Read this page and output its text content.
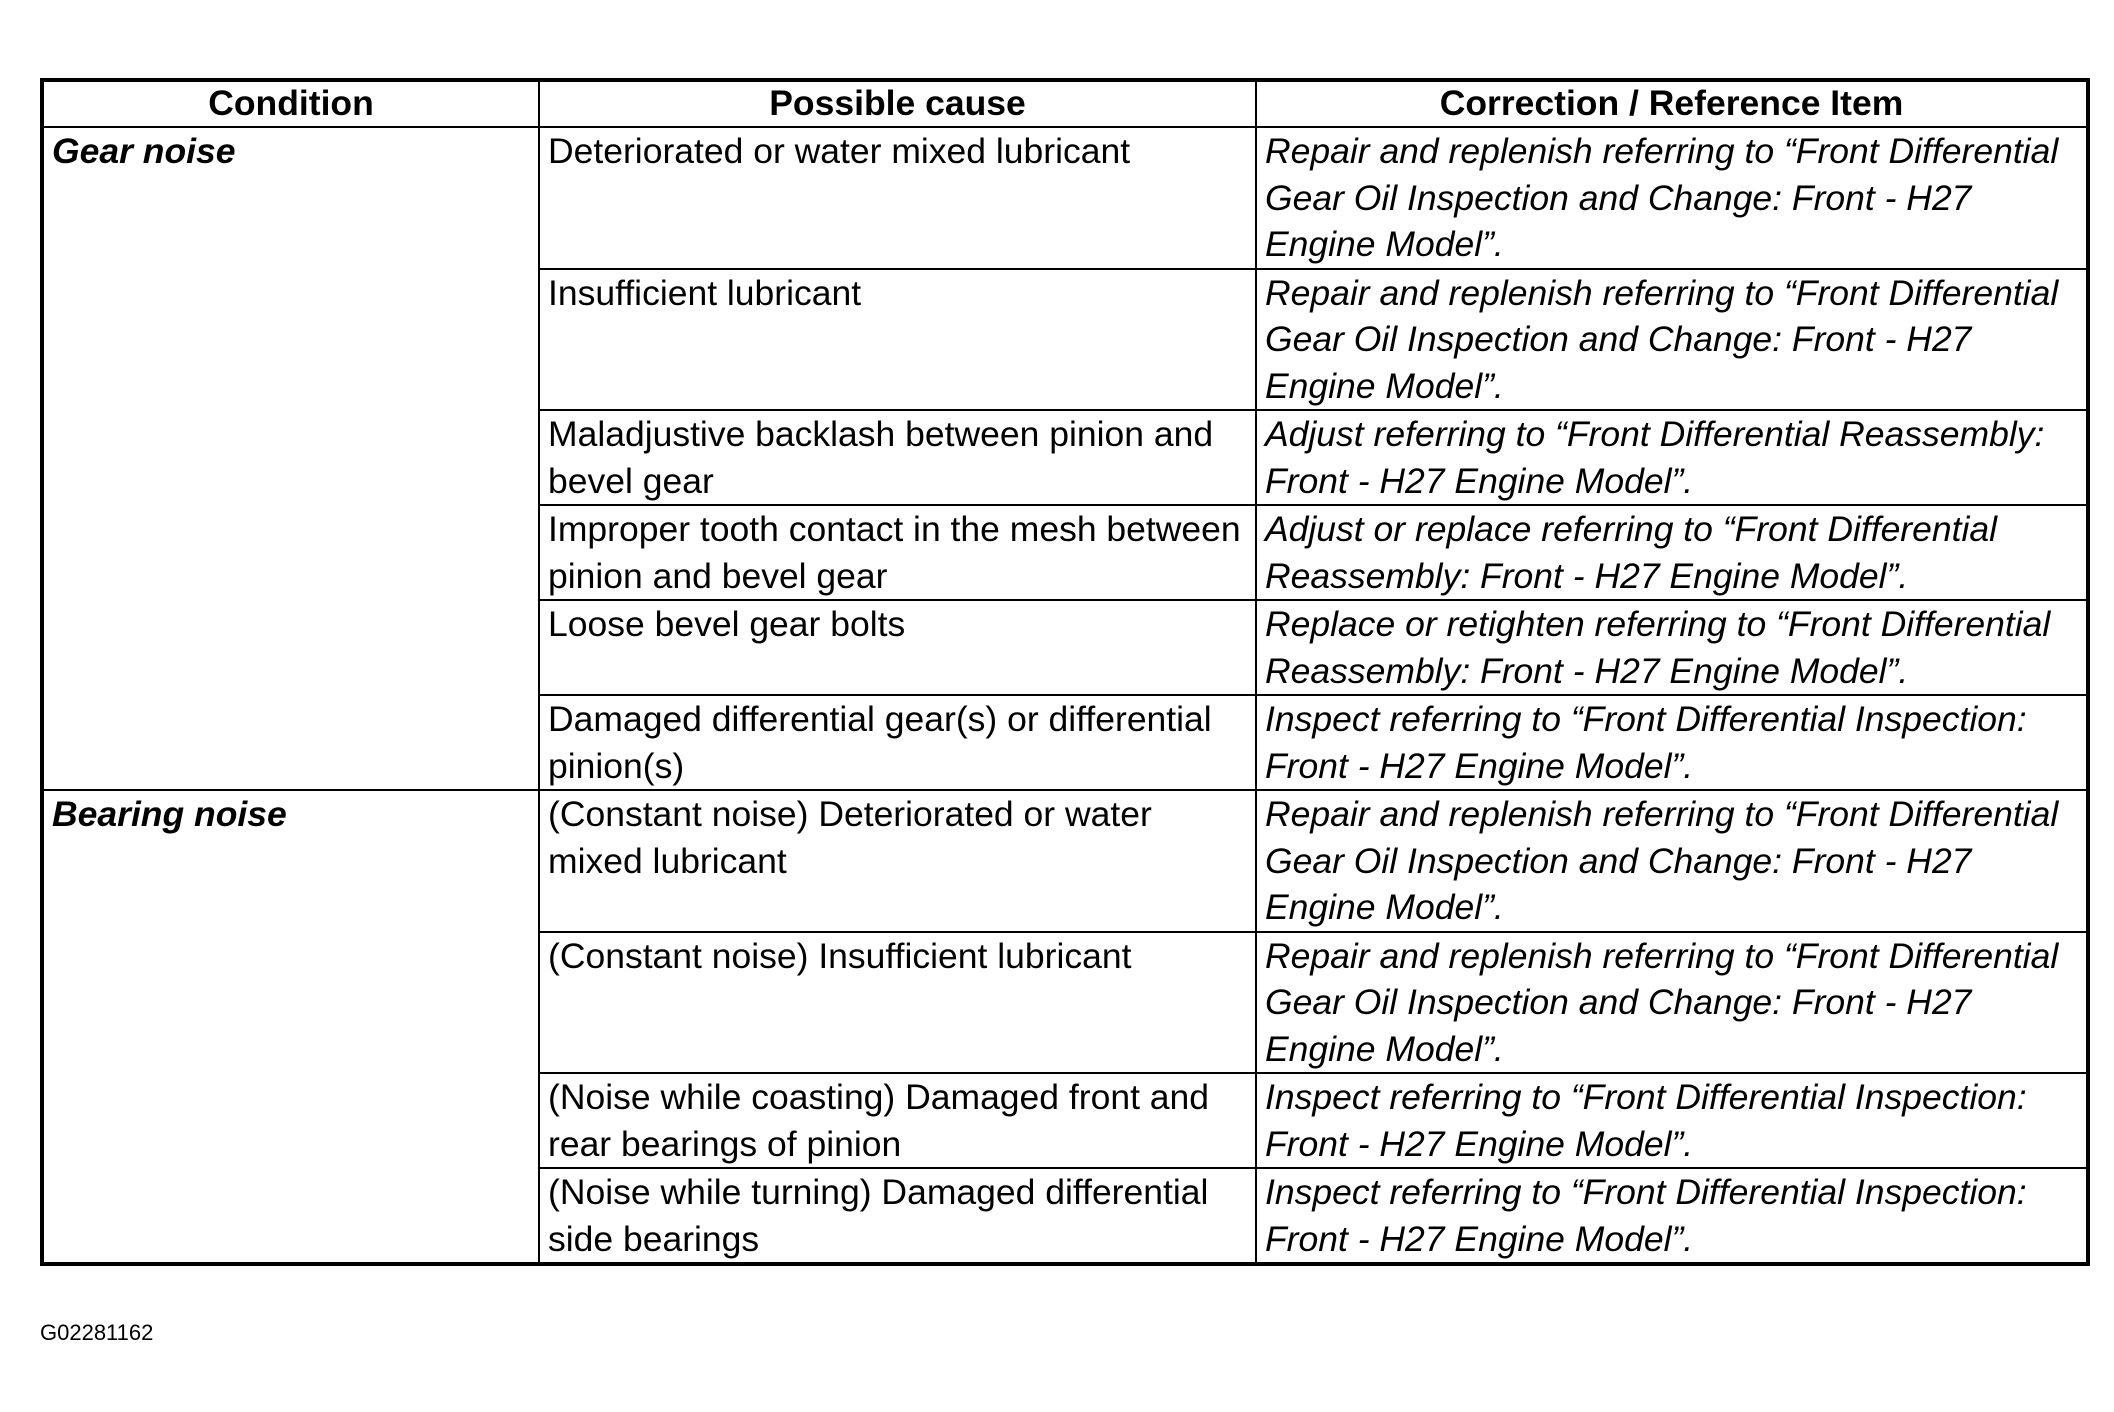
Condition	Possible cause	Correction / Reference Item
Gear noise	Deteriorated or water mixed lubricant	Repair and replenish referring to “Front Differential Gear Oil Inspection and Change: Front - H27 Engine Model”.
	Insufficient lubricant	Repair and replenish referring to “Front Differential Gear Oil Inspection and Change: Front - H27 Engine Model”.
	Maladjustive backlash between pinion and bevel gear	Adjust referring to “Front Differential Reassembly: Front - H27 Engine Model”.
	Improper tooth contact in the mesh between pinion and bevel gear	Adjust or replace referring to “Front Differential Reassembly: Front - H27 Engine Model”.
	Loose bevel gear bolts	Replace or retighten referring to “Front Differential Reassembly: Front - H27 Engine Model”.
	Damaged differential gear(s) or differential pinion(s)	Inspect referring to “Front Differential Inspection: Front - H27 Engine Model”.
Bearing noise	(Constant noise) Deteriorated or water mixed lubricant	Repair and replenish referring to “Front Differential Gear Oil Inspection and Change: Front - H27 Engine Model”.
	(Constant noise) Insufficient lubricant	Repair and replenish referring to “Front Differential Gear Oil Inspection and Change: Front - H27 Engine Model”.
	(Noise while coasting) Damaged front and rear bearings of pinion	Inspect referring to “Front Differential Inspection: Front - H27 Engine Model”.
	(Noise while turning) Damaged differential side bearings	Inspect referring to “Front Differential Inspection: Front - H27 Engine Model”.
G02281162
